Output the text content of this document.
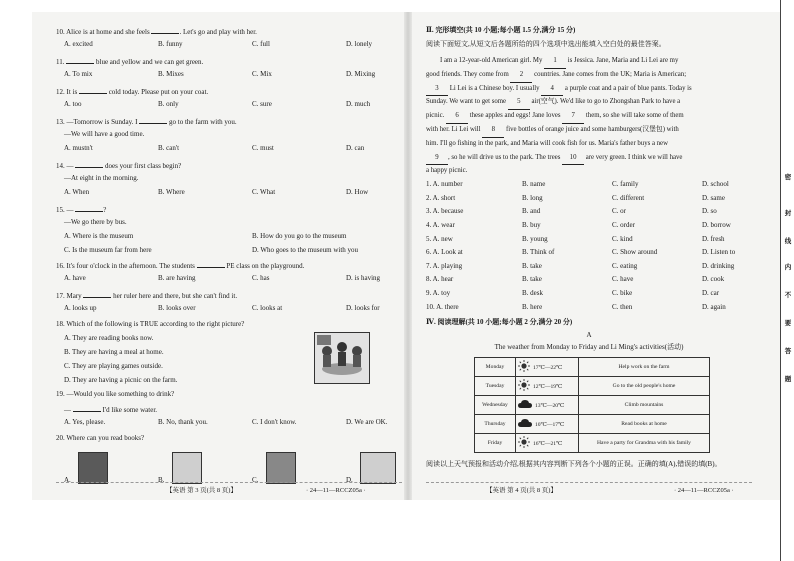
10. Alice is at home and she feels	. Let's go and play with her.
A. excited	B. funny	C. full	D. lonely
11.	blue and yellow and we can get green.
A. To mix	B. Mixes	C. Mix	D. Mixing
12. It is	cold today. Please put on your coat.
A. too	B. only	C. sure	D. much
13. —Tomorrow is Sunday. I	go to the farm with you.
—We will have a good time.
A. mustn't	B. can't	C. must	D. can
14. —	does your first class begin?
—At eight in the morning.
A. When	B. Where	C. What	D. How
15. —	?
—We go there by bus.
A. Where is the museum	B. How do you go to the museum
C. Is the museum far from here	D. Who goes to the museum with you
16. It's four o'clock in the afternoon. The students	PE class on the playground.
A. have	B. are having	C. has	D. is having
17. Mary	her ruler here and there, but she can't find it.
A. looks up	B. looks over	C. looks at	D. looks for
18. Which of the following is TRUE according to the right picture?
A. They are reading books now.
B. They are having a meal at home.
C. They are playing games outside.
D. They are having a picnic on the farm.
19. —Would you like something to drink?
—	I'd like some water.
A. Yes, please.	B. No, thank you.	C. I don't know.	D. We are OK.
20. Where can you read books?
A.	B.	C.	D.
【英语 第 3 页(共 8 页)】	· 24—11—RCCZ05a ·
Ⅱ. 完形填空(共 10 小题;每小题 1.5 分,满分 15 分)
阅读下面短文,从短文后各题所给的四个选项中选出能填入空白处的最佳答案。
I am a 12-year-old American girl. My 1 is Jessica. Jane, Maria and Li Lei are my
good friends. They come from 2 countries. Jane comes from the UK; Maria is American;
3 Li Lei is a Chinese boy. I usually 4 a purple coat and a pair of blue pants. Today is
Sunday. We want to get some 5 air(空气). We'd like to go to Zhongshan Park to have a
picnic. 6 these apples and eggs! Jane loves 7 them, so she will take some of them
with her. Li Lei will 8 five bottles of orange juice and some hamburgers(汉堡包) with
him. I'll go fishing in the park, and Maria will cook fish for us. Maria's father buys a new
9 , so he will drive us to the park. The trees 10 are very green. I think we will have
a happy picnic.
1. A. number	B. name	C. family	D. school
2. A. short	B. long	C. different	D. same
3. A. because	B. and	C. or	D. so
4. A. wear	B. buy	C. order	D. borrow
5. A. new	B. young	C. kind	D. fresh
6. A. Look at	B. Think of	C. Show around	D. Listen to
7. A. playing	B. take	C. eating	D. drinking
8. A. hear	B. take	C. have	D. cook
9. A. toy	B. desk	C. bike	D. car
10. A. there	B. here	C. then	D. again
Ⅳ. 阅读理解(共 10 小题;每小题 2 分,满分 20 分)
A
The weather from Monday to Friday and Li Ming's activities(活动)
Monday	17℃—22℃	Help work on the farm
Tuesday	12℃—19℃	Go to the old people's home
Wednesday	13℃—20℃	Climb mountains
Thursday	10℃—17℃	Read books at home
Friday	16℃—21℃	Have a party for Grandma with his family
阅读以上天气预报和活动介绍,根据其内容判断下列各个小题的正误。正确的填(A),错误的填(B)。
【英语 第 4 页(共 8 页)】	· 24—11—RCCZ05a ·
密
封
线
内
不
要
答
题
